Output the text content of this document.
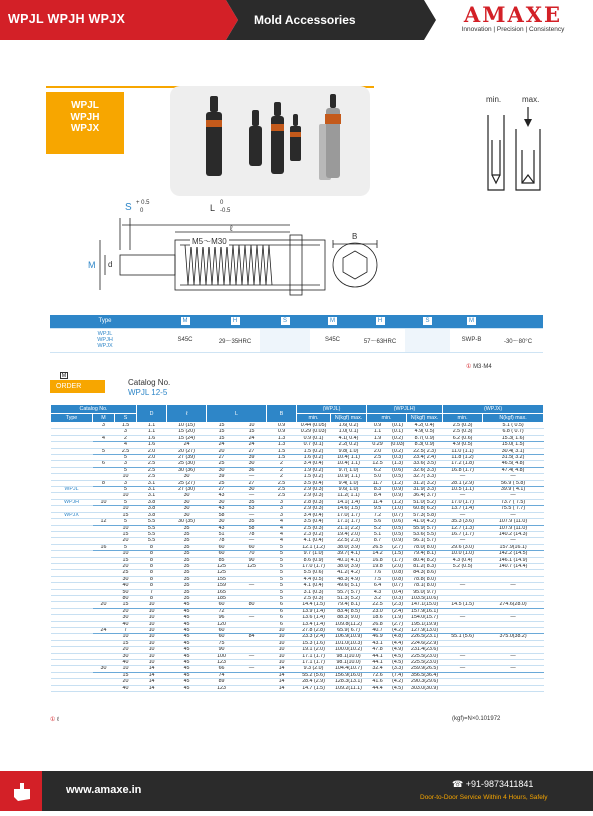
WPJL WPJH WPJX	Mold Accessories	AMAXE
Innovation | Precision | Consistency
WPJL
WPJH
WPJX
min.	max.
S + 0.5
0	L 0
-0.5
ℓ
M5～M30
M d
B
Type	M	H	S	M	H	S	M	

WPJL
WPJH
WPJX	S45C	29～35HRC		S45C	57～63HRC		SWP-B	-30～80°C
① M3·M4
M
ORDER	Catalog No.
WPJL 12-5
Catalog No.			D	ℓ	L		B	(WPJL)		(WPJLH)			(WPJX)	
Type	M	S						min.	N(kgf) max.	min.		N(kgf) max.	min.	N(kgf) max.
	3	1.5	1.1	10 (15)	15	10	0.9	0.44 (0.05)	1.6( 0.2)	0.9	(0.1)	4.2( 0.4)	2.5 (0.3)	5.1 ( 0.5)
		3	1.1	15 (20)	15	15	0.9	0.29 (0.03)	1.0( 0.1)	1.1	(0.1)	4.9( 0.5)	2.5 (0.3)	6.8 ( 0.7)
	4	2	1.6	15 (24)	15	24	1.3	0.9 (0.1)	4.1( 0.4)	1.9	(0.2)	8.7( 0.9)	6.2 (0.6)	15.3( 1.6)
		4	1.6	24	24	24	1.3	0.7 (0.1)	2.2( 0.2)	0.29	(0.03)	8.3( 0.9)	4.9 (0.5)	15.0( 1.5)
	5	2.5	2.0	20 (27)	20	27	1.5	1.5 (0.2)	9.8( 1.0)	2.0	(0.2)	22.5( 2.3)	11.0 (1.1)	30.4( 3.1)
		5	2.0	27 (39)	27	39	1.5	1.6 (0.2)	10.4( 1.1)	2.5	(0.3)	23.4( 2.4)	11.8 (1.2)	31.5( 3.2)
	6	3	2.5	25 (30)	25	30	2	3.4 (0.4)	10.4( 1.1)	12.5	(1.3)	33.6( 3.5)	17.2 (1.8)	46.5( 4.8)
		5	2.5	30 (36)	30	36	2	1.9 (0.2)	9.7( 1.0)	6.2	(0.6)	32.6( 3.3)	16.8 (1.7)	47.4( 4.8)
		10	2.5	30	39	—	2	1.5 (0.2)	10.9( 1.1)	5.0	(0.5)	32.7( 3.3)	—	—
	8	3	3.1	25 (27)	25	27	2.5	3.5 (0.4)	9.4( 1.0)	11.7	(1.2)	31.2( 3.2)	28.1 (2.9)	56.9 ( 5.8)
WPJL		5	3.1	27 (30)	27	30	2.5	2.9 (0.3)	9.6( 1.0)	8.3	(0.9)	31.9( 3.3)	10.5 (1.1)	39.9 ( 4.1)
		10	3.1	30	43	—	2.5	2.9 (0.3)	11.2( 1.1)	8.4	(0.9)	36.4( 3.7)	—	—
WPJH	10	5	3.8	30	30	35	3	2.8 (0.3)	14.1( 1.4)	11.4	(1.2)	51.0( 5.2)	17.0 (1.7)	73.7 ( 7.5)
		10	3.8	30	43	53	3	2.9 (0.3)	14.6( 1.5)	9.5	(1.0)	60.8( 6.2)	13.7 (1.4)	75.5 ( 7.7)
WPJX		15	3.8	30	58	—	3	3.4 (0.4)	17.0( 1.7)	7.2	(0.7)	57.3( 5.8)	—	—
	12	5	5.5	30 (35)	30	35	4	3.5 (0.4)	17.1( 1.7)	5.6	(0.6)	41.0( 4.2)	35.3 (3.6)	107.9 (11.0)
		10	5.5	35	43	58	4	2.5 (0.3)	21.1( 2.2)	5.2	(0.5)	55.9( 5.7)	12.7 (1.3)	107.9 (11.0)
		15	5.5	35	51	78	4	2.3 (0.2)	19.4( 2.0)	5.1	(0.5)	53.6( 5.5)	16.7 (1.7)	140.2 (14.3)
		20	5.5	35	78	—	4	4.1 (0.4)	22.5( 2.3)	8.7	(0.9)	56.1( 5.7)	—	—
	16	5	8	35	60	60	5	12.1 (1.2)	38.0( 3.9)	26.5	(2.7)	78.0( 8.0)	29.6 (3.0)	157.9(16.1)
		10	8	35	60	70	5	9.7 (1.0)	39.7( 4.1)	14.2	(1.5)	79.4( 8.1)	10.0 (1.0)	142.2 (14.5)
		15	8	35	85	90	5	8.6 (0.9)	40.1( 4.1)	16.8	(1.7)	80.4( 8.2)	4.3 (0.4)	146.1 (14.9)
		20	8	35	125	125	5	17.0 (1.7)	38.0( 3.9)	19.8	(2.0)	81.2( 8.3)	5.2 (0.5)	140.7 (14.4)
		25	8	35	125		5	5.5 (0.6)	41.2( 4.2)	7.6	(0.8)	84.3( 8.6)		
		30	8	35	155		5	4.4 (0.5)	48.3( 4.9)	7.5	(0.8)	78.8( 8.0)		
		40	8	35	159	—	5	4.1 (0.4)	49.6( 5.1)	6.4	(0.7)	78.1( 8.0)	—	—
		50	7	35	165		5	3.1 (0.3)	55.7( 5.7)	4.3	(0.4)	95.0( 9.7)		
		80	8	35	185		5	2.5 (0.3)	51.3( 5.2)	3.2	(0.3)	103.5(10.6)		
	20	15	10	45	60	80	6	14.4 (1.5)	79.4( 8.1)	22.5	(2.3)	147.1(15.0)	14.5 (1.5)	274.6(28.0)
		20	10	45	72		6	13.9 (1.4)	83.4( 8.5)	23.0	(2.4)	157.9(16.1)		
		30	10	45	96	—	6	13.6 (1.4)	88.3( 9.0)	18.6	(1.9)	154.0(15.7)	—	—
		40	10	45	120		6	13.4 (1.4)	109.8(11.2)	26.8	(2.7)	195.1(19.9)		
	24	7	10	45	60		10	27.8 (2.8)	65.9( 6.7)	40.7	(4.2)	127.9(13.0)		
		10	10	45	60	84	10	23.3 (2.4)	106.9(10.9)	46.9	(4.8)	226.5(23.1)	55.1 (5.6)	375.0(38.2)
		15	10	45	75		10	15.3 (1.6)	101.0(10.3)	43.1	(4.4)	224.6(22.9)		
		20	10	45	90		10	19.1 (2.0)	100.0(10.2)	47.8	(4.9)	231.4(23.6)		
		30	10	45	100	—	10	17.1 (1.7)	98.1(10.0)	44.1	(4.5)	225.5(23.0)	—	—
		40	10	45	123		10	17.1 (1.7)	98.1(10.0)	44.1	(4.5)	225.5(23.0)		
	30	10	14	45	66	—	14	9.3 (2.0)	104.4(10.7)	32.4	(3.3)	259.9(26.5)	—	—
		15	14	45	74		14	55.2 (5.6)	156.9(16.0)	72.6	(7.4)	356.5(36.4)		
		20	14	45	89		14	28.4 (2.9)	128.3(13.1)	41.6	(4.2)	290.3(29.6)		
		40	14	45	123		14	14.7 (1.5)	109.2(11.1)	44.4	(4.5)	303.0(30.9)		
① ℓ	(kgf)=N×0.101972
www.amaxe.in	☎ +91-9873411841
Door-to-Door Service Within 4 Hours, Safely
